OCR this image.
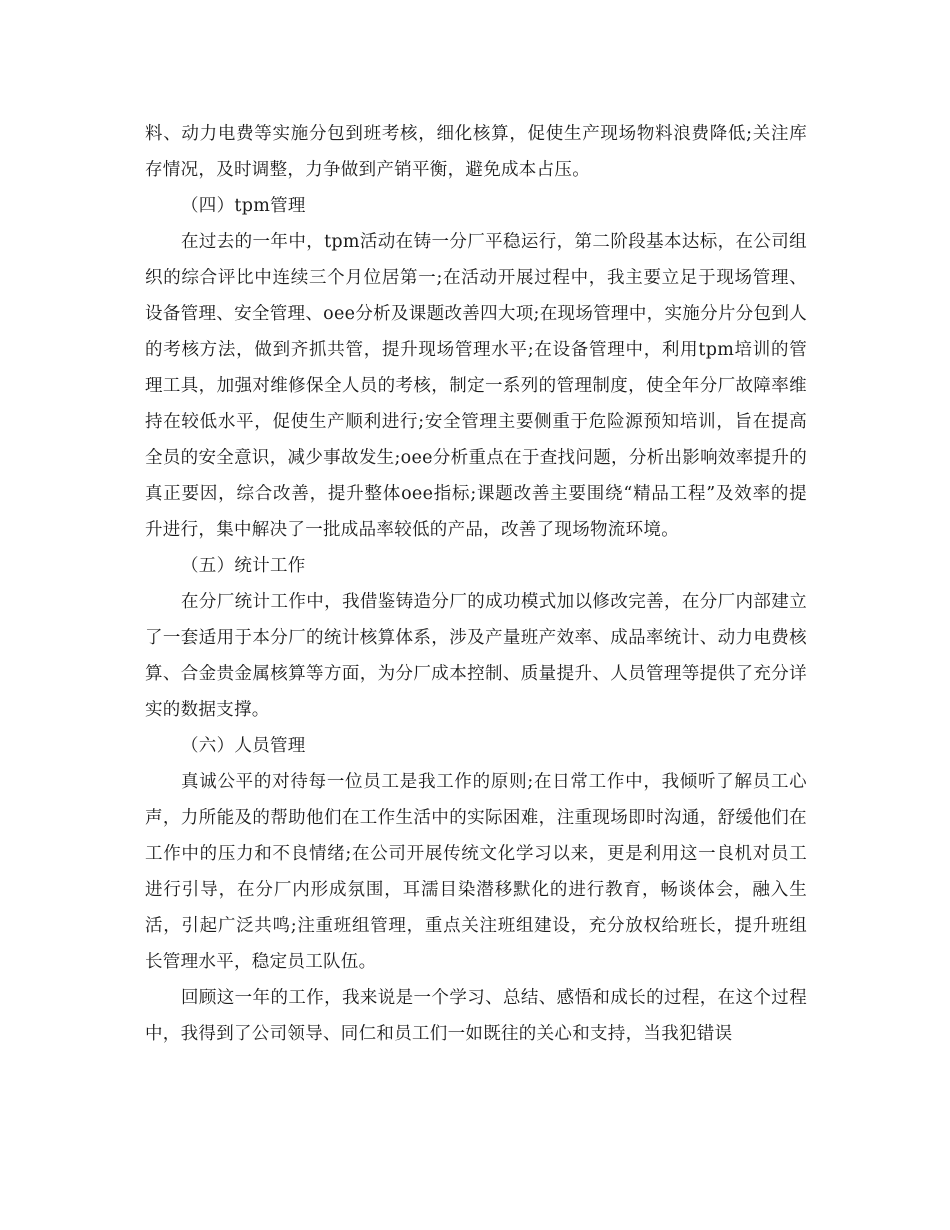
料、动力电费等实施分包到班考核，细化核算，促使生产现场物料浪费降低;关注库存情况，及时调整，力争做到产销平衡，避免成本占压。

（四）tpm管理

在过去的一年中，tpm活动在铸一分厂平稳运行，第二阶段基本达标，在公司组织的综合评比中连续三个月位居第一;在活动开展过程中，我主要立足于现场管理、设备管理、安全管理、oee分析及课题改善四大项;在现场管理中，实施分片分包到人的考核方法，做到齐抓共管，提升现场管理水平;在设备管理中，利用tpm培训的管理工具，加强对维修保全人员的考核，制定一系列的管理制度，使全年分厂故障率维持在较低水平，促使生产顺利进行;安全管理主要侧重于危险源预知培训，旨在提高全员的安全意识，减少事故发生;oee分析重点在于查找问题，分析出影响效率提升的真正要因，综合改善，提升整体oee指标;课题改善主要围绕“精品工程”及效率的提升进行，集中解决了一批成品率较低的产品，改善了现场物流环境。

（五）统计工作

在分厂统计工作中，我借鉴铸造分厂的成功模式加以修改完善，在分厂内部建立了一套适用于本分厂的统计核算体系，涉及产量班产效率、成品率统计、动力电费核算、合金贵金属核算等方面，为分厂成本控制、质量提升、人员管理等提供了充分详实的数据支撑。

（六）人员管理

真诚公平的对待每一位员工是我工作的原则;在日常工作中，我倾听了解员工心声，力所能及的帮助他们在工作生活中的实际困难，注重现场即时沟通，舒缓他们在工作中的压力和不良情绪;在公司开展传统文化学习以来，更是利用这一良机对员工进行引导，在分厂内形成氛围，耳濡目染潜移默化的进行教育，畅谈体会，融入生活，引起广泛共鸣;注重班组管理，重点关注班组建设，充分放权给班长，提升班组长管理水平，稳定员工队伍。

回顾这一年的工作，我来说是一个学习、总结、感悟和成长的过程，在这个过程中，我得到了公司领导、同仁和员工们一如既往的关心和支持，当我犯错误
